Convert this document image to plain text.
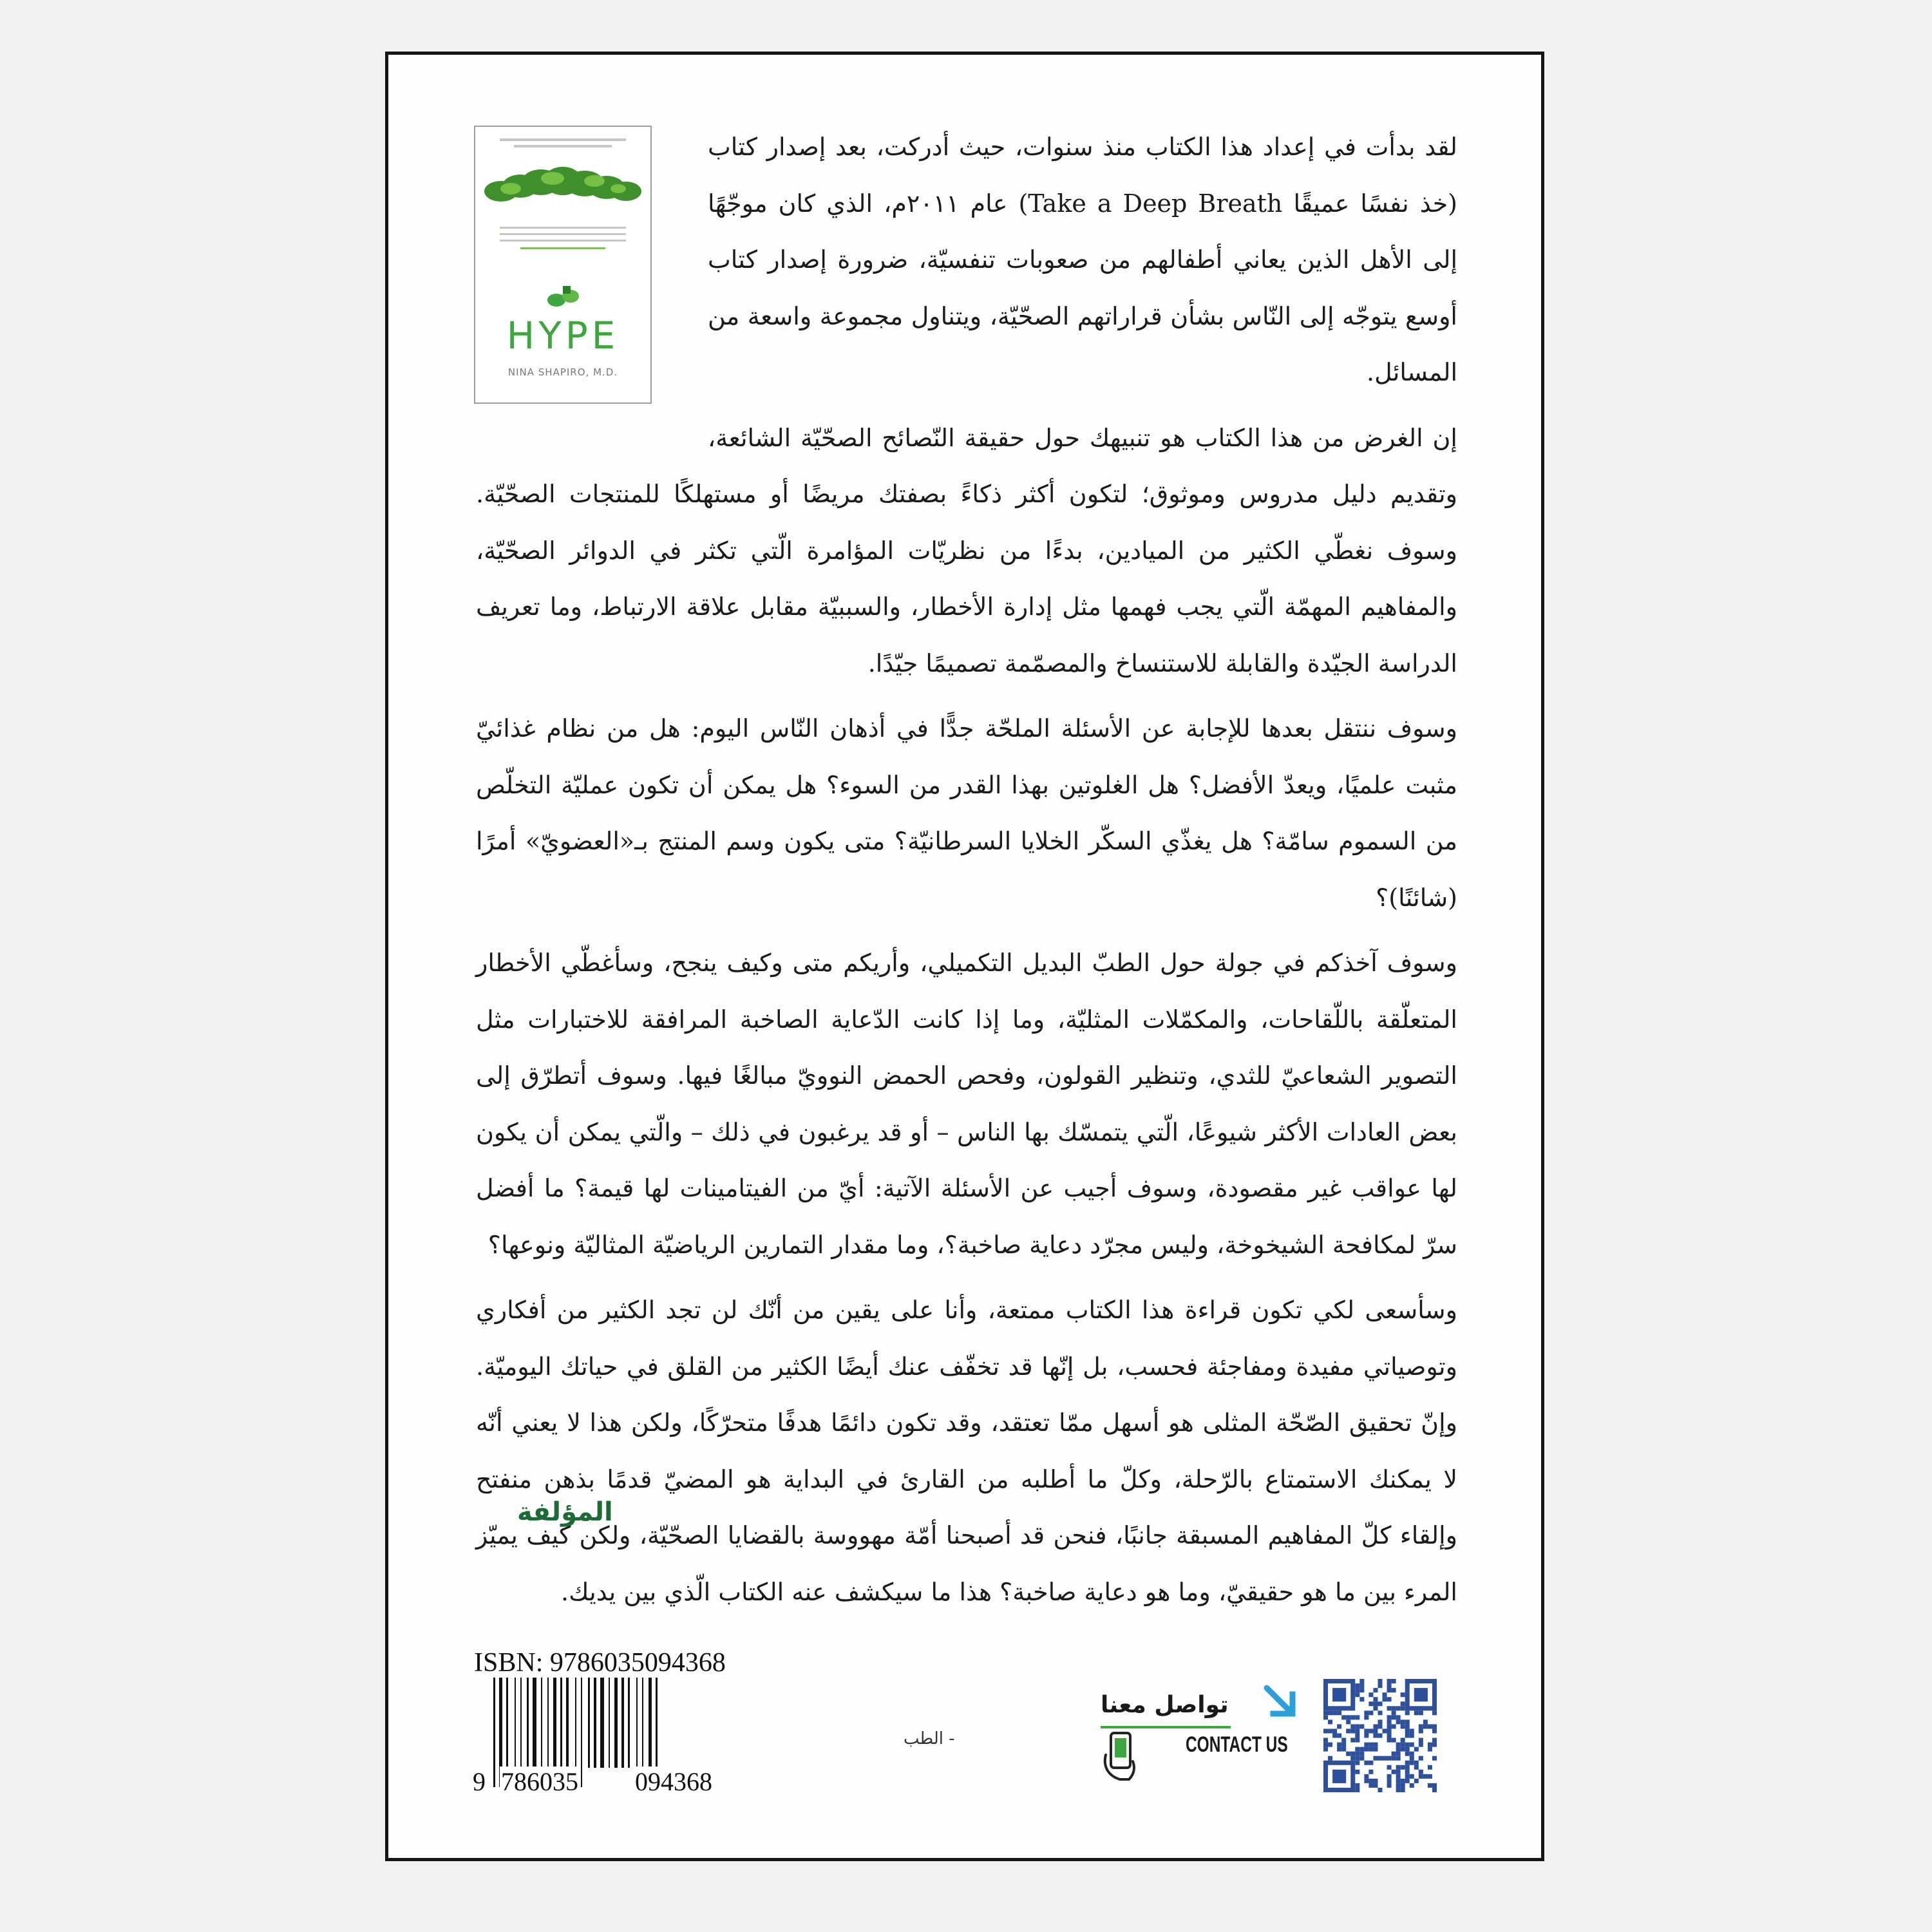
HYPE
NINA SHAPIRO, M.D.

لقد بدأت في إعداد هذا الكتاب منذ سنوات، حيث أدركت، بعد إصدار كتاب (خذ نفسًا عميقًا Take a Deep Breath) عام ٢٠١١م، الذي كان موجّهًا إلى الأهل الذين يعاني أطفالهم من صعوبات تنفسيّة، ضرورة إصدار كتاب أوسع يتوجّه إلى النّاس بشأن قراراتهم الصحّيّة، ويتناول مجموعة واسعة من المسائل.

إن الغرض من هذا الكتاب هو تنبيهك حول حقيقة النّصائح الصحّيّة الشائعة، وتقديم دليل مدروس وموثوق؛ لتكون أكثر ذكاءً بصفتك مريضًا أو مستهلكًا للمنتجات الصحّيّة. وسوف نغطّي الكثير من الميادين، بدءًا من نظريّات المؤامرة الّتي تكثر في الدوائر الصحّيّة، والمفاهيم المهمّة الّتي يجب فهمها مثل إدارة الأخطار، والسببيّة مقابل علاقة الارتباط، وما تعريف الدراسة الجيّدة والقابلة للاستنساخ والمصمّمة تصميمًا جيّدًا.

وسوف ننتقل بعدها للإجابة عن الأسئلة الملحّة جدًّا في أذهان النّاس اليوم: هل من نظام غذائيّ مثبت علميًا، ويعدّ الأفضل؟ هل الغلوتين بهذا القدر من السوء؟ هل يمكن أن تكون عمليّة التخلّص من السموم سامّة؟ هل يغذّي السكّر الخلايا السرطانيّة؟ متى يكون وسم المنتج بـ«العضويّ» أمرًا (شائنًا)؟

وسوف آخذكم في جولة حول الطبّ البديل التكميلي، وأريكم متى وكيف ينجح، وسأغطّي الأخطار المتعلّقة باللّقاحات، والمكمّلات المثليّة، وما إذا كانت الدّعاية الصاخبة المرافقة للاختبارات مثل التصوير الشعاعيّ للثدي، وتنظير القولون، وفحص الحمض النوويّ مبالغًا فيها. وسوف أتطرّق إلى بعض العادات الأكثر شيوعًا، الّتي يتمسّك بها الناس – أو قد يرغبون في ذلك – والّتي يمكن أن يكون لها عواقب غير مقصودة، وسوف أجيب عن الأسئلة الآتية: أيّ من الفيتامينات لها قيمة؟ ما أفضل سرّ لمكافحة الشيخوخة، وليس مجرّد دعاية صاخبة؟، وما مقدار التمارين الرياضيّة المثاليّة ونوعها؟

وسأسعى لكي تكون قراءة هذا الكتاب ممتعة، وأنا على يقين من أنّك لن تجد الكثير من أفكاري وتوصياتي مفيدة ومفاجئة فحسب، بل إنّها قد تخفّف عنك أيضًا الكثير من القلق في حياتك اليوميّة. وإنّ تحقيق الصّحّة المثلى هو أسهل ممّا تعتقد، وقد تكون دائمًا هدفًا متحرّكًا، ولكن هذا لا يعني أنّه لا يمكنك الاستمتاع بالرّحلة، وكلّ ما أطلبه من القارئ في البداية هو المضيّ قدمًا بذهن منفتح وإلقاء كلّ المفاهيم المسبقة جانبًا، فنحن قد أصبحنا أمّة مهووسة بالقضايا الصحّيّة، ولكن كيف يميّز المرء بين ما هو حقيقيّ، وما هو دعاية صاخبة؟ هذا ما سيكشف عنه الكتاب الّذي بين يديك.

المؤلفة
ISBN: 9786035094368
9 786035 094368
- الطب
تواصل معنا
CONTACT US
